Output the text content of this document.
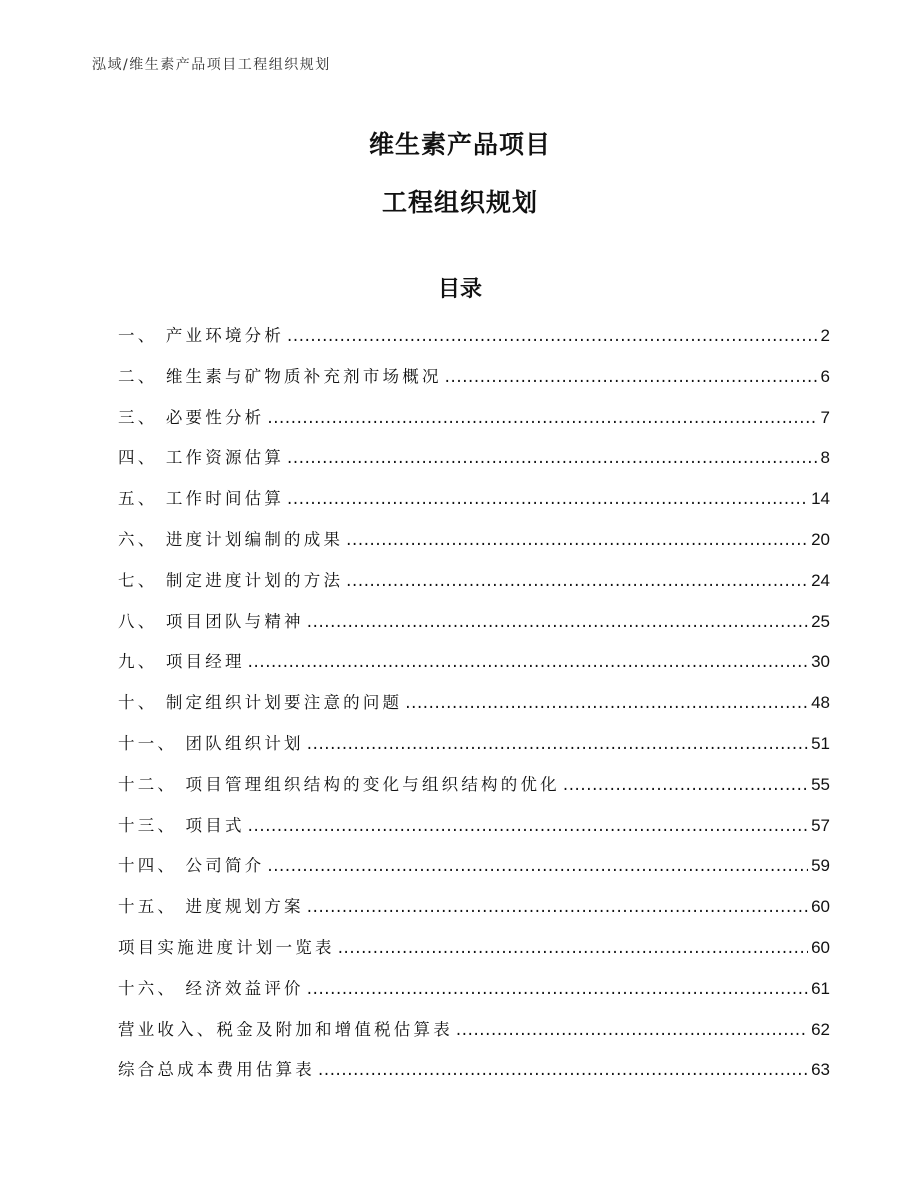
泓域/维生素产品项目工程组织规划
维生素产品项目
工程组织规划
目录
一、 产业环境分析 .....	2
二、 维生素与矿物质补充剂市场概况 .....	6
三、 必要性分析 .....	7
四、 工作资源估算 .....	8
五、 工作时间估算 .....	14
六、 进度计划编制的成果 .....	20
七、 制定进度计划的方法 .....	24
八、 项目团队与精神 .....	25
九、 项目经理 .....	30
十、 制定组织计划要注意的问题 .....	48
十一、 团队组织计划 .....	51
十二、 项目管理组织结构的变化与组织结构的优化 .....	55
十三、 项目式 .....	57
十四、 公司简介 .....	59
十五、 进度规划方案 .....	60
项目实施进度计划一览表 .....	60
十六、 经济效益评价 .....	61
营业收入、税金及附加和增值税估算表 .....	62
综合总成本费用估算表 .....	63
